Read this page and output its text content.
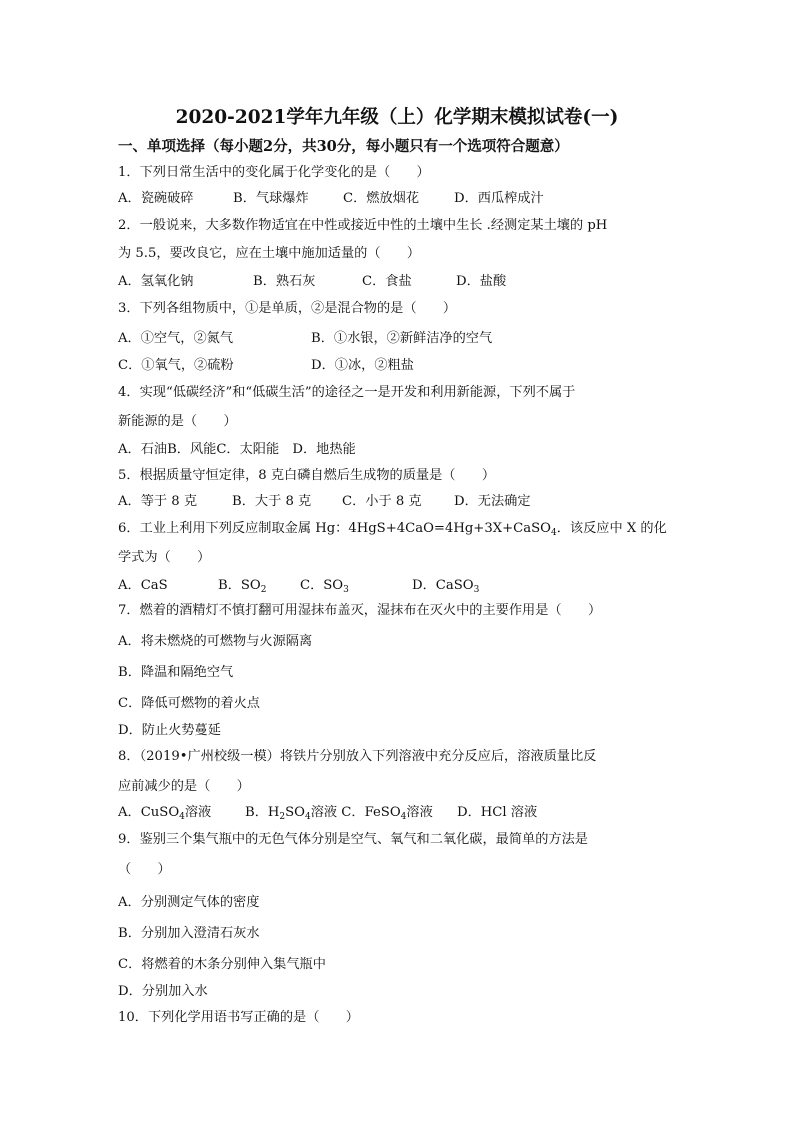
2020-2021学年九年级（上）化学期末模拟试卷(一)
一、单项选择（每小题2分，共30分，每小题只有一个选项符合题意）
1．下列日常生活中的变化属于化学变化的是（　　）
A．瓷碗破碎	B．气球爆炸	C．燃放烟花	D．西瓜榨成汁
2．一般说来，大多数作物适宜在中性或接近中性的土壤中生长 .经测定某土壤的 pH
为 5.5，要改良它，应在土壤中施加适量的（　　）
A．氢氧化钠	B．熟石灰	C．食盐	D．盐酸
3．下列各组物质中，①是单质，②是混合物的是（　　）
A．①空气，②氮气	B．①水银，②新鲜洁净的空气
C．①氧气，②硫粉	D．①冰，②粗盐
4．实现“低碳经济”和“低碳生活”的途径之一是开发和利用新能源，下列不属于
新能源的是（　　）
A．石油B．风能C．太阳能　D．地热能
5．根据质量守恒定律，8 克白磷自燃后生成物的质量是（　　）
A．等于 8 克	B．大于 8 克 C．小于 8 克 D．无法确定
6．工业上利用下列反应制取金属 Hg：4HgS+4CaO=4Hg+3X+CaSO$_4$．该反应中 X 的化
学式为（　　）
A．CaS	B．$SO_2$	C．$SO_3$	D．CaSO$_3$
7．燃着的酒精灯不慎打翻可用湿抹布盖灭，湿抹布在灭火中的主要作用是（　　）
A．将未燃烧的可燃物与火源隔离
B．降温和隔绝空气
C．降低可燃物的着火点
D．防止火势蔓延
8．（2019•广州校级一模）将铁片分别放入下列溶液中充分反应后，溶液质量比反
应前减少的是（　　）
A．CuSO$_4$溶液	B．$H_2SO_4$溶液 C．FeSO$_4$溶液 D．HCl 溶液
9．鉴别三个集气瓶中的无色气体分别是空气、氧气和二氧化碳，最简单的方法是
（　　）
A．分别测定气体的密度
B．分别加入澄清石灰水
C．将燃着的木条分别伸入集气瓶中
D．分别加入水
10．下列化学用语书写正确的是（　　）
